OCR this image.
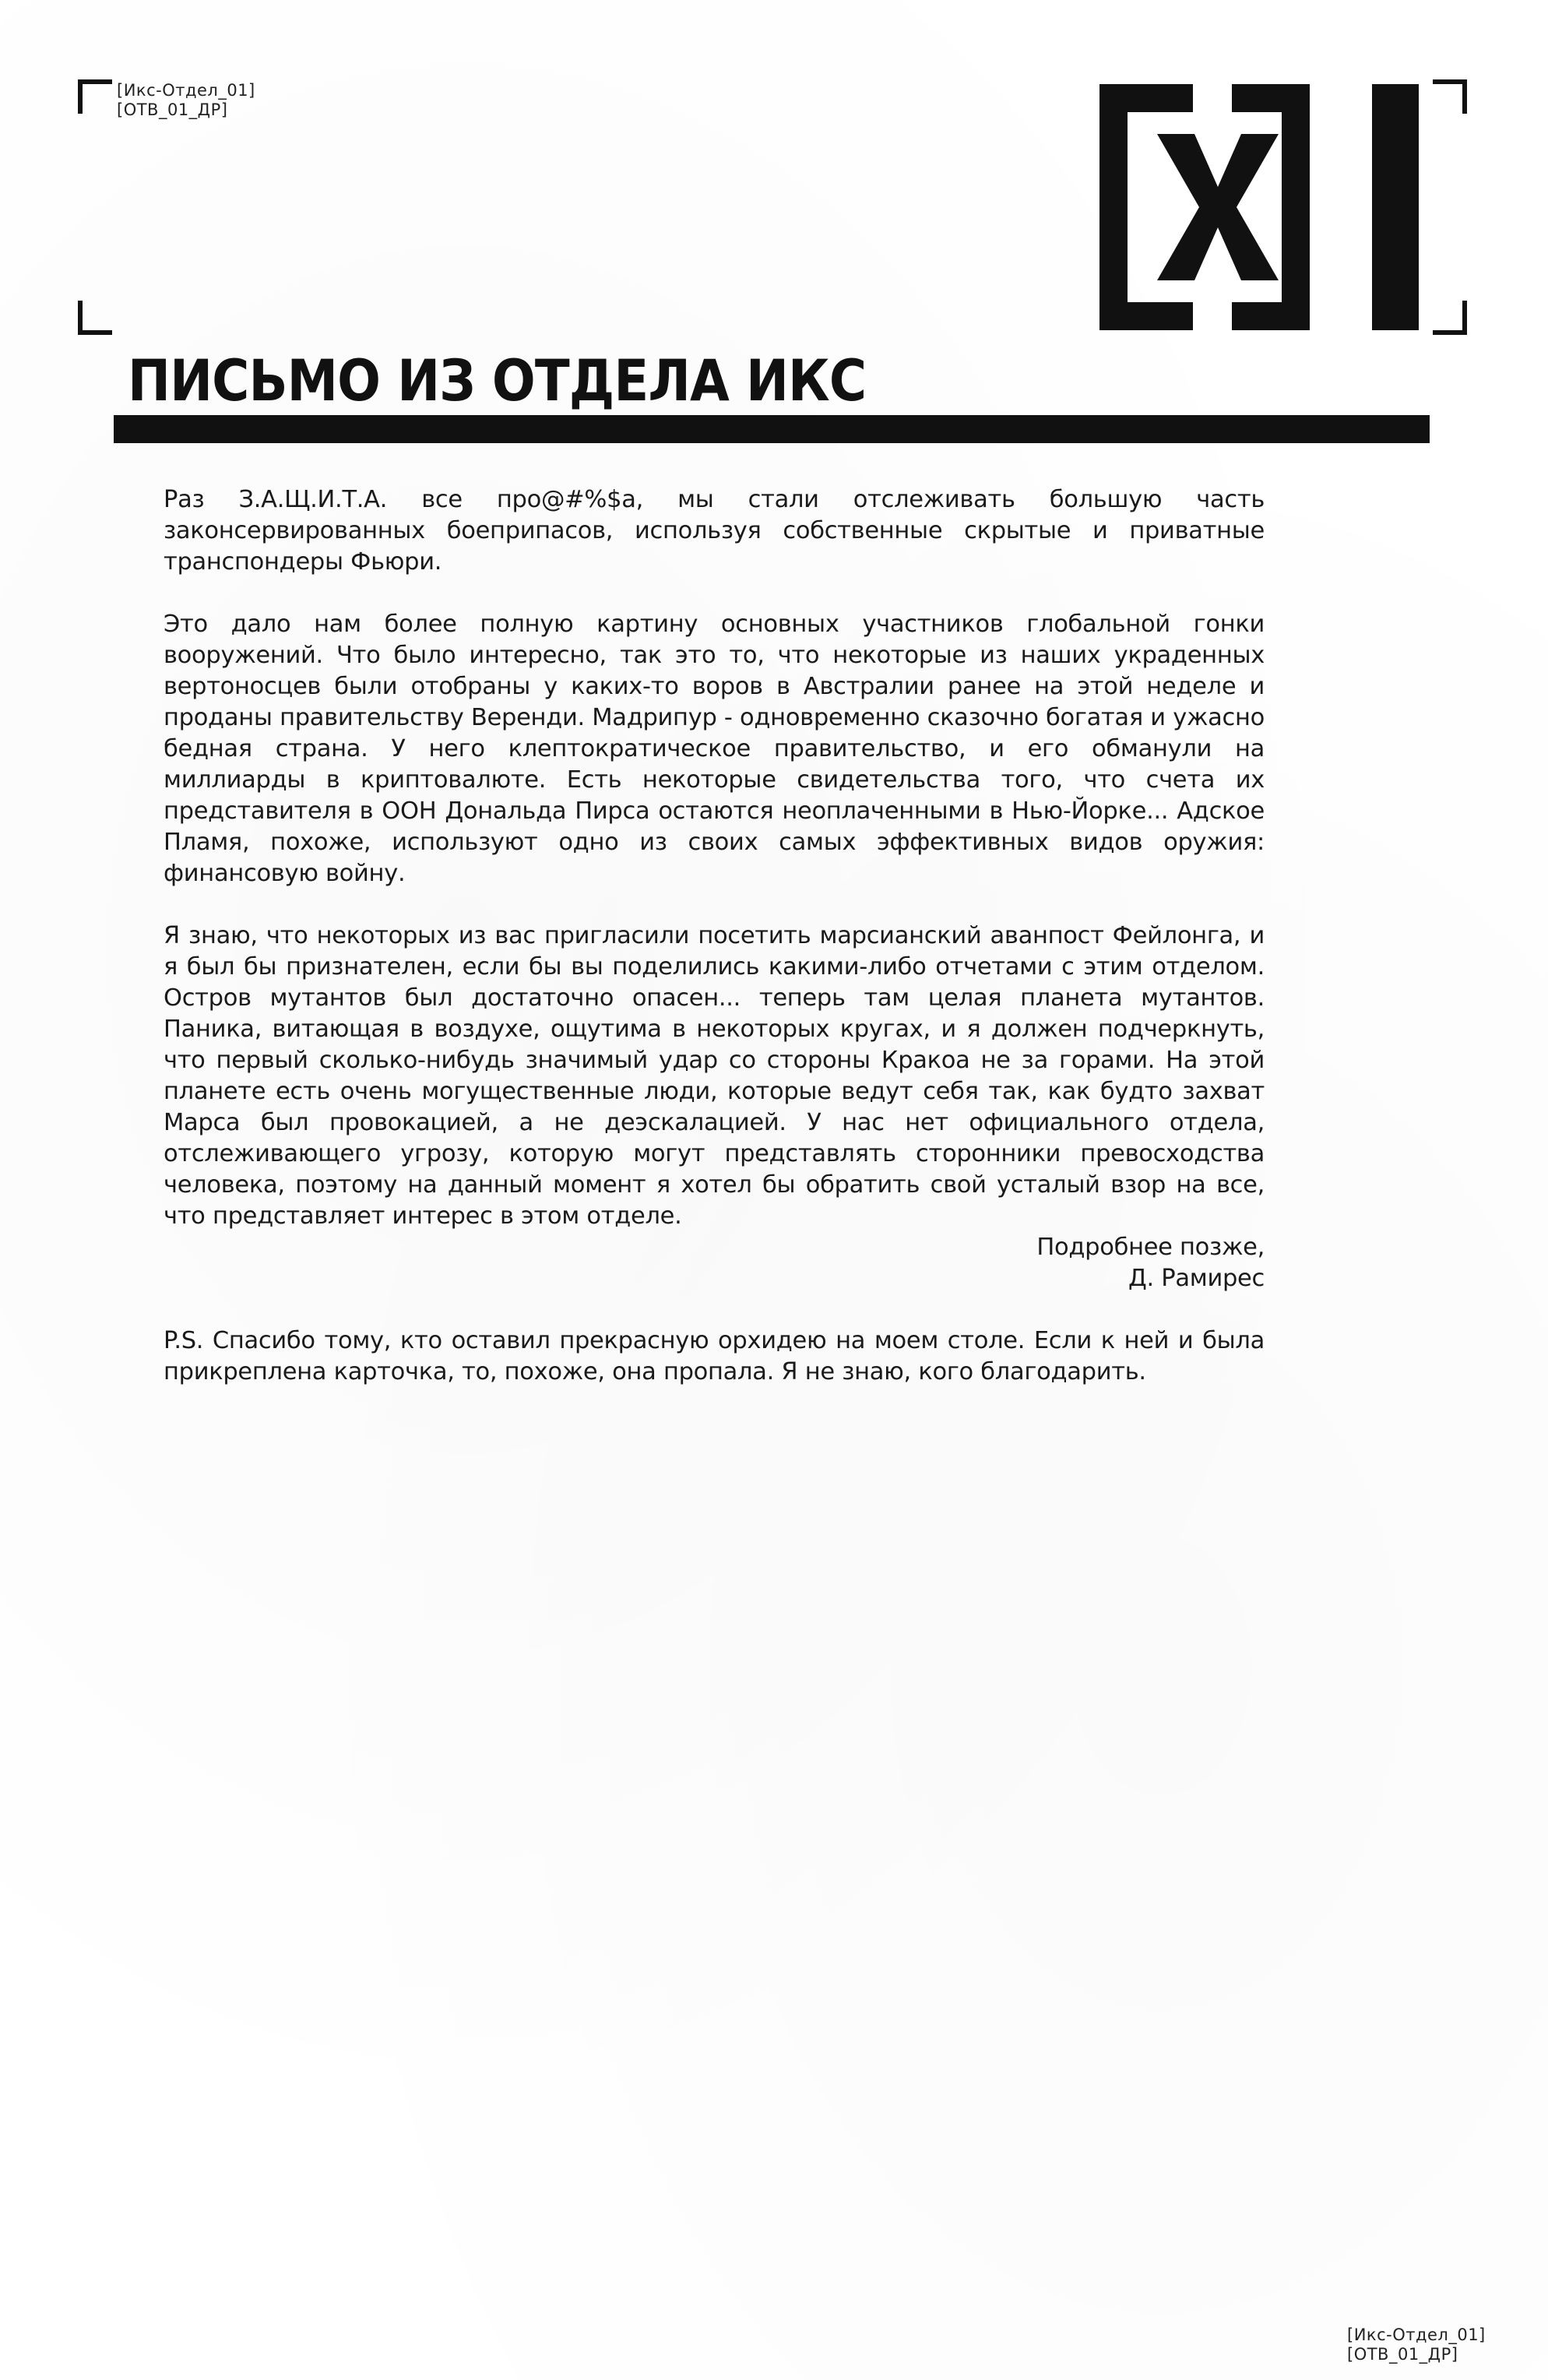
[Икс-Отдел_01]
[ОТВ_01_ДР]
ПИСЬМО ИЗ ОТДЕЛА ИКС

Раз З.А.Щ.И.Т.А. все про@#%$а, мы стали отслеживать большую часть законсервированных боеприпасов, используя собственные скрытые и приватные транспондеры Фьюри.

Это дало нам более полную картину основных участников глобальной гонки вооружений. Что было интересно, так это то, что некоторые из наших украденных вертоносцев были отобраны у каких-то воров в Австралии ранее на этой неделе и проданы правительству Веренди. Мадрипур - одновременно сказочно богатая и ужасно бедная страна. У него клептократическое правительство, и его обманули на миллиарды в криптовалюте. Есть некоторые свидетельства того, что счета их представителя в ООН Дональда Пирса остаются неоплаченными в Нью-Йорке... Адское Пламя, похоже, используют одно из своих самых эффективных видов оружия: финансовую войну.

Я знаю, что некоторых из вас пригласили посетить марсианский аванпост Фейлонга, и я был бы признателен, если бы вы поделились какими-либо отчетами с этим отделом. Остров мутантов был достаточно опасен... теперь там целая планета мутантов. Паника, витающая в воздухе, ощутима в некоторых кругах, и я должен подчеркнуть, что первый сколько-нибудь значимый удар со стороны Кракоа не за горами. На этой планете есть очень могущественные люди, которые ведут себя так, как будто захват Марса был провокацией, а не деэскалацией. У нас нет официального отдела, отслеживающего угрозу, которую могут представлять сторонники превосходства человека, поэтому на данный момент я хотел бы обратить свой усталый взор на все, что представляет интерес в этом отделе.

Подробнее позже,
Д. Рамирес

P.S. Спасибо тому, кто оставил прекрасную орхидею на моем столе. Если к ней и была прикреплена карточка, то, похоже, она пропала. Я не знаю, кого благодарить.

[Икс-Отдел_01]
[ОТВ_01_ДР]
